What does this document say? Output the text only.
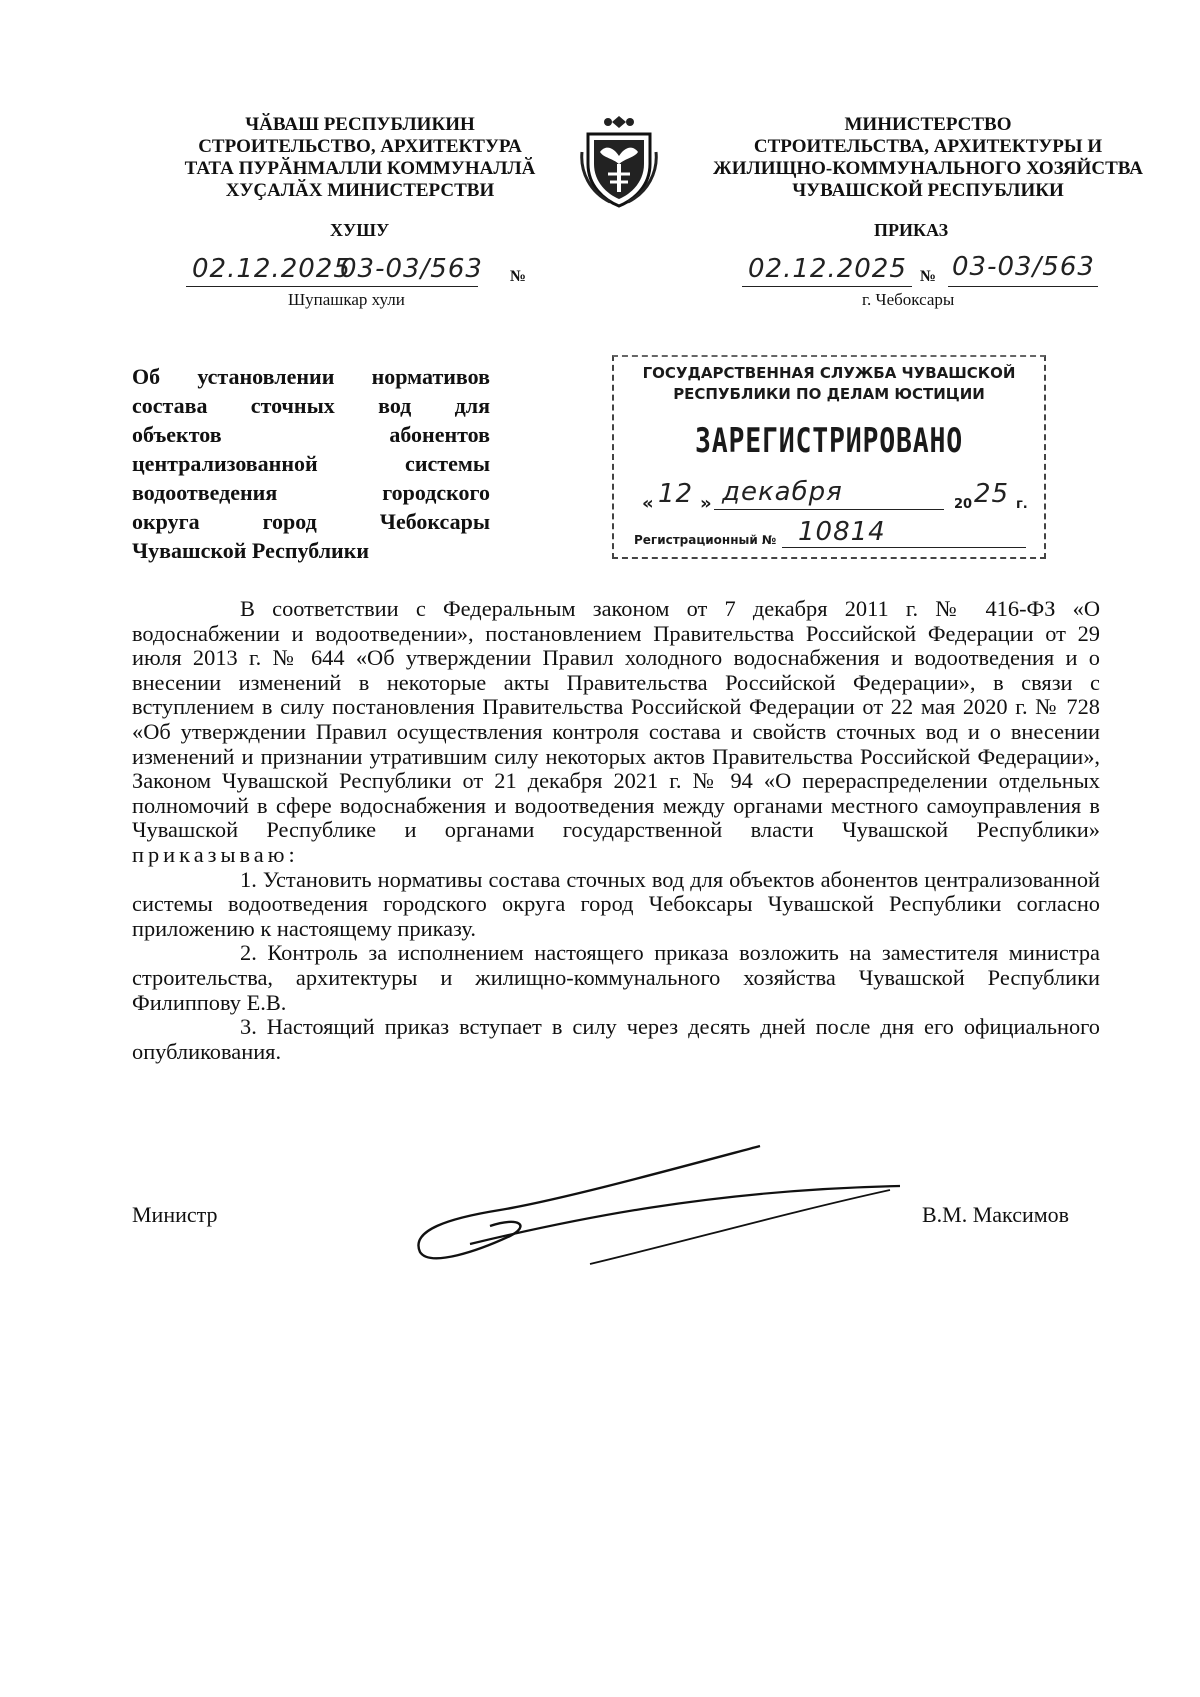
ЧӐВАШ РЕСПУБЛИКИН
СТРОИТЕЛЬСТВО, АРХИТЕКТУРА
ТАТА ПУРӐНМАЛЛИ КОММУНАЛЛӐ
ХУҪАЛӐХ МИНИСТЕРСТВИ
МИНИСТЕРСТВО
СТРОИТЕЛЬСТВА, АРХИТЕКТУРЫ И
ЖИЛИЩНО-КОММУНАЛЬНОГО ХОЗЯЙСТВА
ЧУВАШСКОЙ РЕСПУБЛИКИ
ХУШУ	ПРИКАЗ
02.12.2025
03-03/563 №
Шупашкар хули
02.12.2025 № 03-03/563
г. Чебоксары
Об установлении нормативов
состава сточных вод для
объектов абонентов
централизованной системы
водоотведения городского
округа город Чебоксары
Чувашской Республики
ГОСУДАРСТВЕННАЯ СЛУЖБА ЧУВАШСКОЙ
РЕСПУБЛИКИ ПО ДЕЛАМ ЮСТИЦИИ
ЗАРЕГИСТРИРОВАНО
« 12 » декабря	20 25 г.
Регистрационный № 10814

В соответствии с Федеральным законом от 7 декабря 2011 г. № 416-ФЗ «О водоснабжении и водоотведении», постановлением Правительства Российской Федерации от 29 июля 2013 г. № 644 «Об утверждении Правил холодного водоснабжения и водоотведения и о внесении изменений в некоторые акты Правительства Российской Федерации», в связи с вступлением в силу постановления Правительства Российской Федерации от 22 мая 2020 г. № 728 «Об утверждении Правил осуществления контроля состава и свойств сточных вод и о внесении изменений и признании утратившим силу некоторых актов Правительства Российской Федерации», Законом Чувашской Республики от 21 декабря 2021 г. № 94 «О перераспределении отдельных полномочий в сфере водоснабжения и водоотведения между органами местного самоуправления в Чувашской Республике и органами государственной власти Чувашской Республики» приказываю:

1. Установить нормативы состава сточных вод для объектов абонентов централизованной системы водоотведения городского округа город Чебоксары Чувашской Республики согласно приложению к настоящему приказу.

2. Контроль за исполнением настоящего приказа возложить на заместителя министра строительства, архитектуры и жилищно-коммунального хозяйства Чувашской Республики Филиппову Е.В.

3. Настоящий приказ вступает в силу через десять дней после дня его официального опубликования.

Министр	В.М. Максимов
